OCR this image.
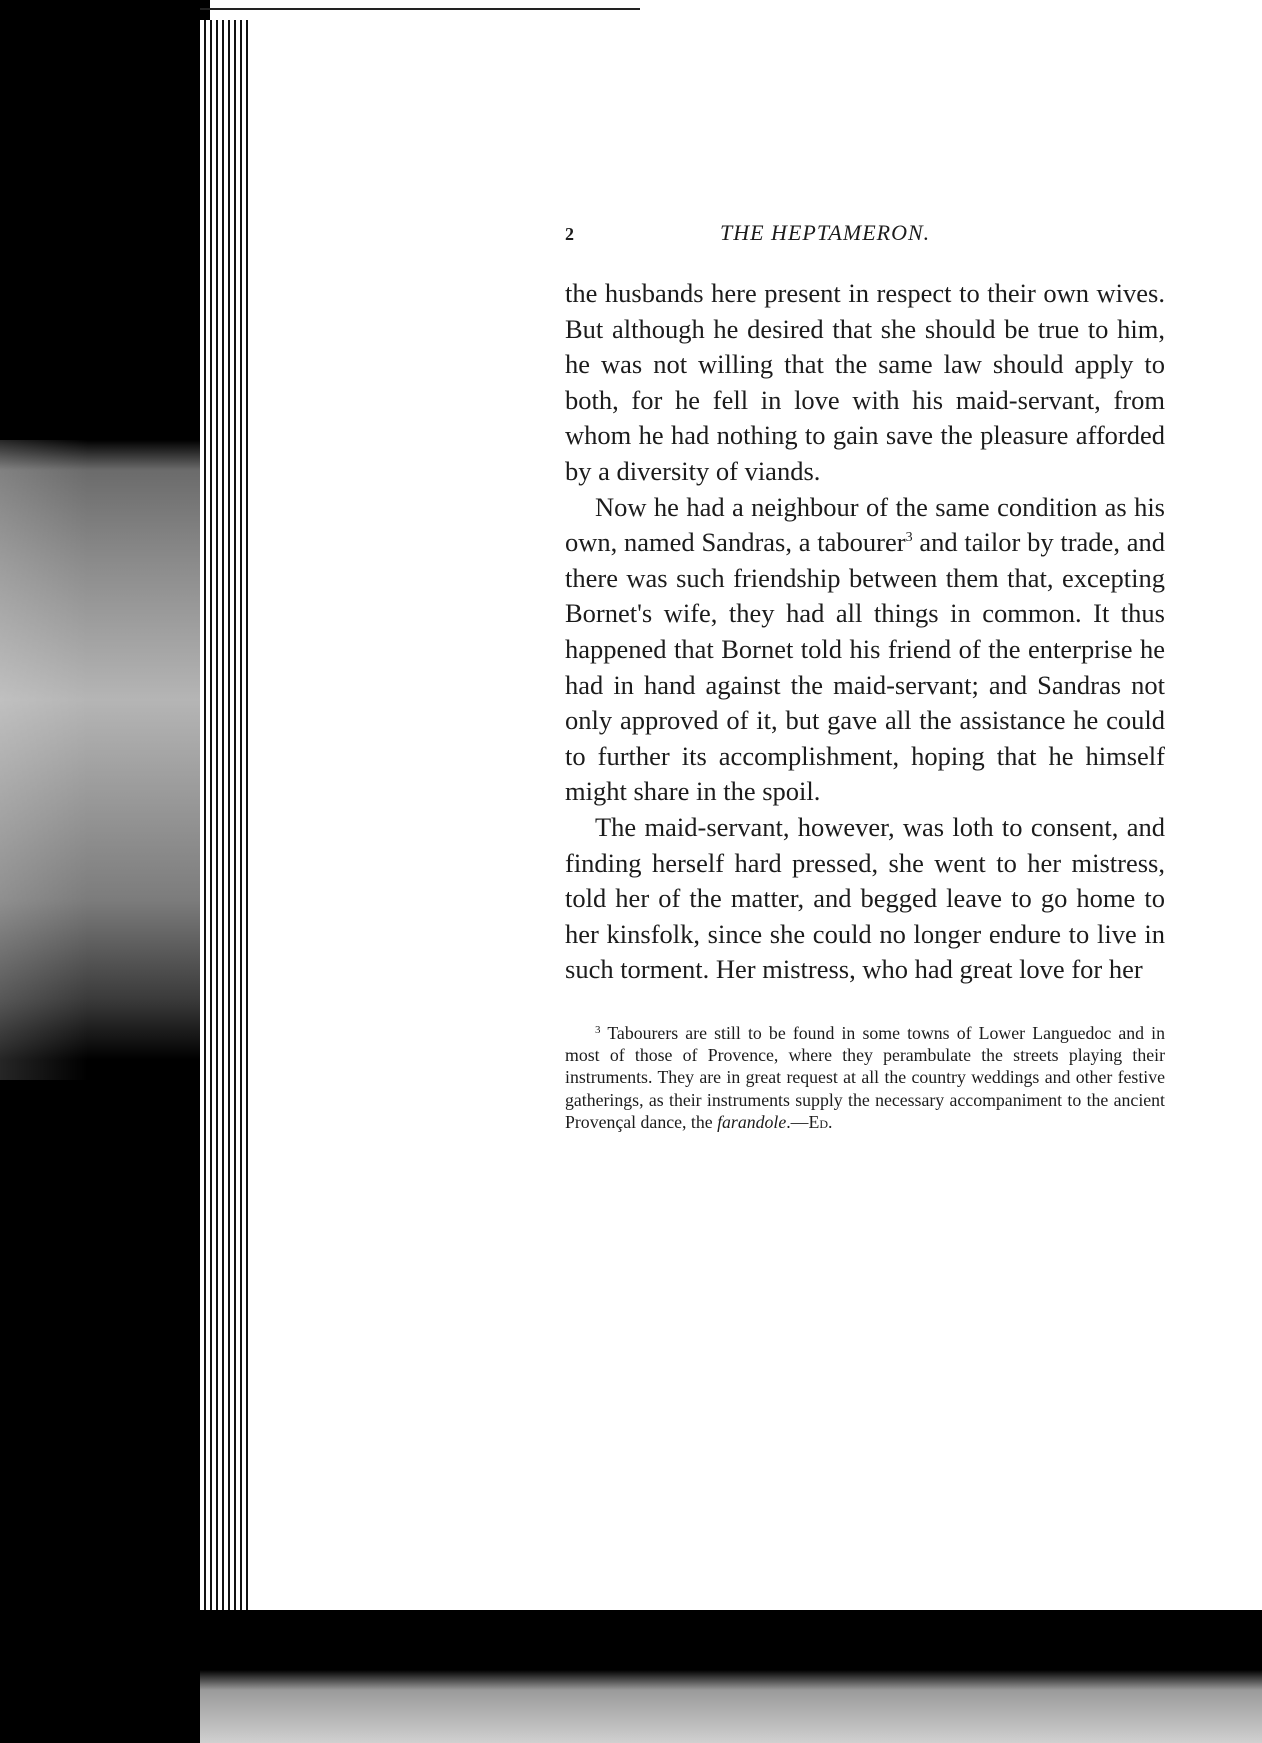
2	THE HEPTAMERON.

the husbands here present in respect to their own wives. But although he desired that she should be true to him, he was not willing that the same law should apply to both, for he fell in love with his maid-servant, from whom he had nothing to gain save the pleasure afforded by a diversity of viands.

Now he had a neighbour of the same condition as his own, named Sandras, a tabourer$^3$ and tailor by trade, and there was such friendship between them that, excepting Bornet's wife, they had all things in common. It thus happened that Bornet told his friend of the enterprise he had in hand against the maid-servant; and Sandras not only approved of it, but gave all the assistance he could to further its accomplishment, hoping that he himself might share in the spoil.

The maid-servant, however, was loth to consent, and finding herself hard pressed, she went to her mistress, told her of the matter, and begged leave to go home to her kinsfolk, since she could no longer endure to live in such torment. Her mistress, who had great love for her

$^3$ Tabourers are still to be found in some towns of Lower Languedoc and in most of those of Provence, where they perambulate the streets playing their instruments. They are in great request at all the country weddings and other festive gatherings, as their instruments supply the necessary accompaniment to the ancient Provençal dance, the farandole.—Ed.
